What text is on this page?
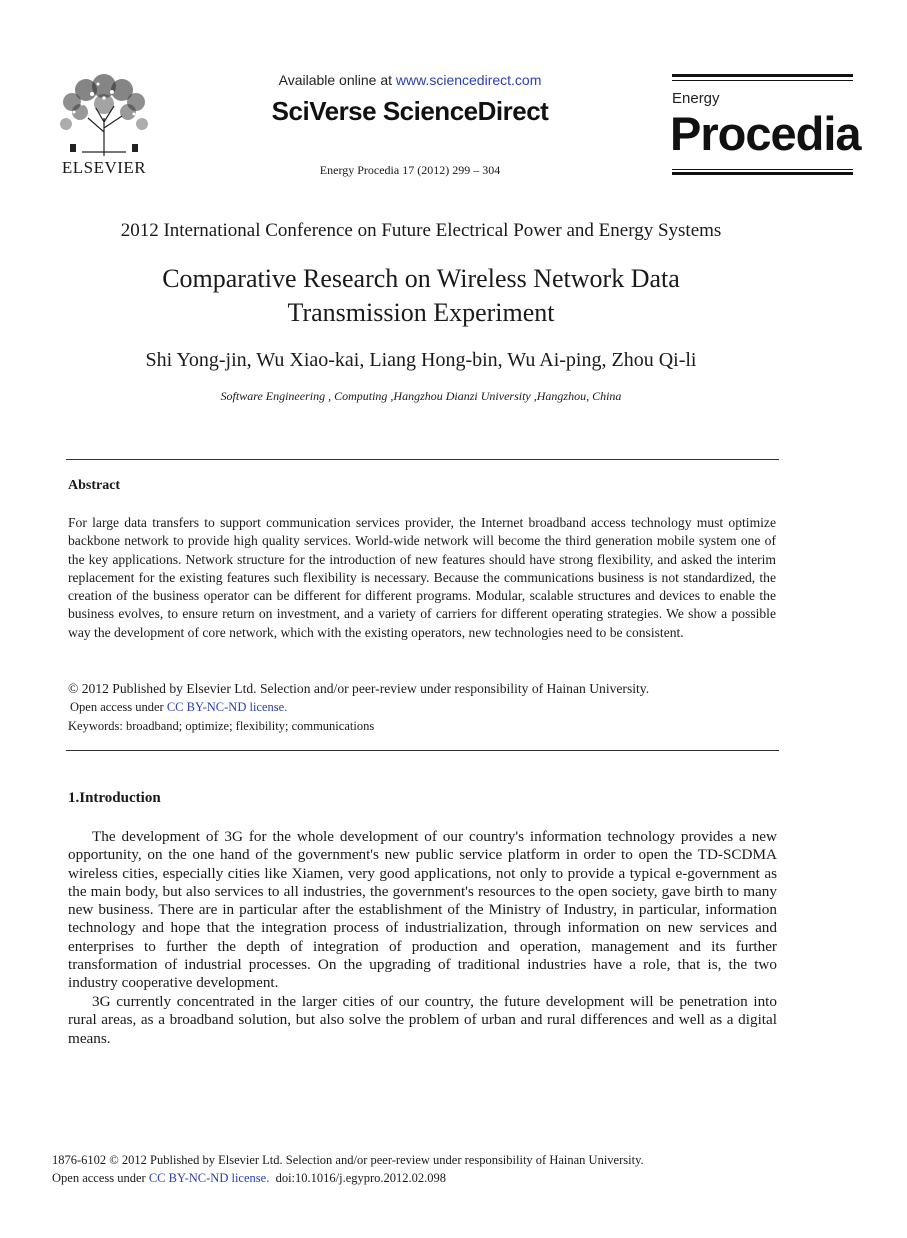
ELSEVIER
Available online at www.sciencedirect.com
SciVerse ScienceDirect
Energy Procedia 17 (2012) 299 – 304
Energy
Procedia
2012 International Conference on Future Electrical Power and Energy Systems
Comparative Research on Wireless Network Data
Transmission Experiment
Shi Yong-jin, Wu Xiao-kai, Liang Hong-bin, Wu Ai-ping, Zhou Qi-li
Software Engineering , Computing ,Hangzhou Dianzi University ,Hangzhou, China
Abstract
For large data transfers to support communication services provider, the Internet broadband access technology must optimize backbone network to provide high quality services. World-wide network will become the third generation mobile system one of the key applications. Network structure for the introduction of new features should have strong flexibility, and asked the interim replacement for the existing features such flexibility is necessary. Because the communications business is not standardized, the creation of the business operator can be different for different programs. Modular, scalable structures and devices to enable the business evolves, to ensure return on investment, and a variety of carriers for different operating strategies. We show a possible way the development of core network, which with the existing operators, new technologies need to be consistent.
© 2012 Published by Elsevier Ltd. Selection and/or peer-review under responsibility of Hainan University.
Open access under CC BY-NC-ND license.
Keywords: broadband; optimize; flexibility; communications
1.Introduction
The development of 3G for the whole development of our country's information technology provides a new opportunity, on the one hand of the government's new public service platform in order to open the TD-SCDMA wireless cities, especially cities like Xiamen, very good applications, not only to provide a typical e-government as the main body, but also services to all industries, the government's resources to the open society, gave birth to many new business. There are in particular after the establishment of the Ministry of Industry, in particular, information technology and hope that the integration process of industrialization, through information on new services and enterprises to further the depth of integration of production and operation, management and its further transformation of industrial processes. On the upgrading of traditional industries have a role, that is, the two industry cooperative development.
3G currently concentrated in the larger cities of our country, the future development will be penetration into rural areas, as a broadband solution, but also solve the problem of urban and rural differences and well as a digital means.
1876-6102 © 2012 Published by Elsevier Ltd. Selection and/or peer-review under responsibility of Hainan University.
Open access under CC BY-NC-ND license. doi:10.1016/j.egypro.2012.02.098
